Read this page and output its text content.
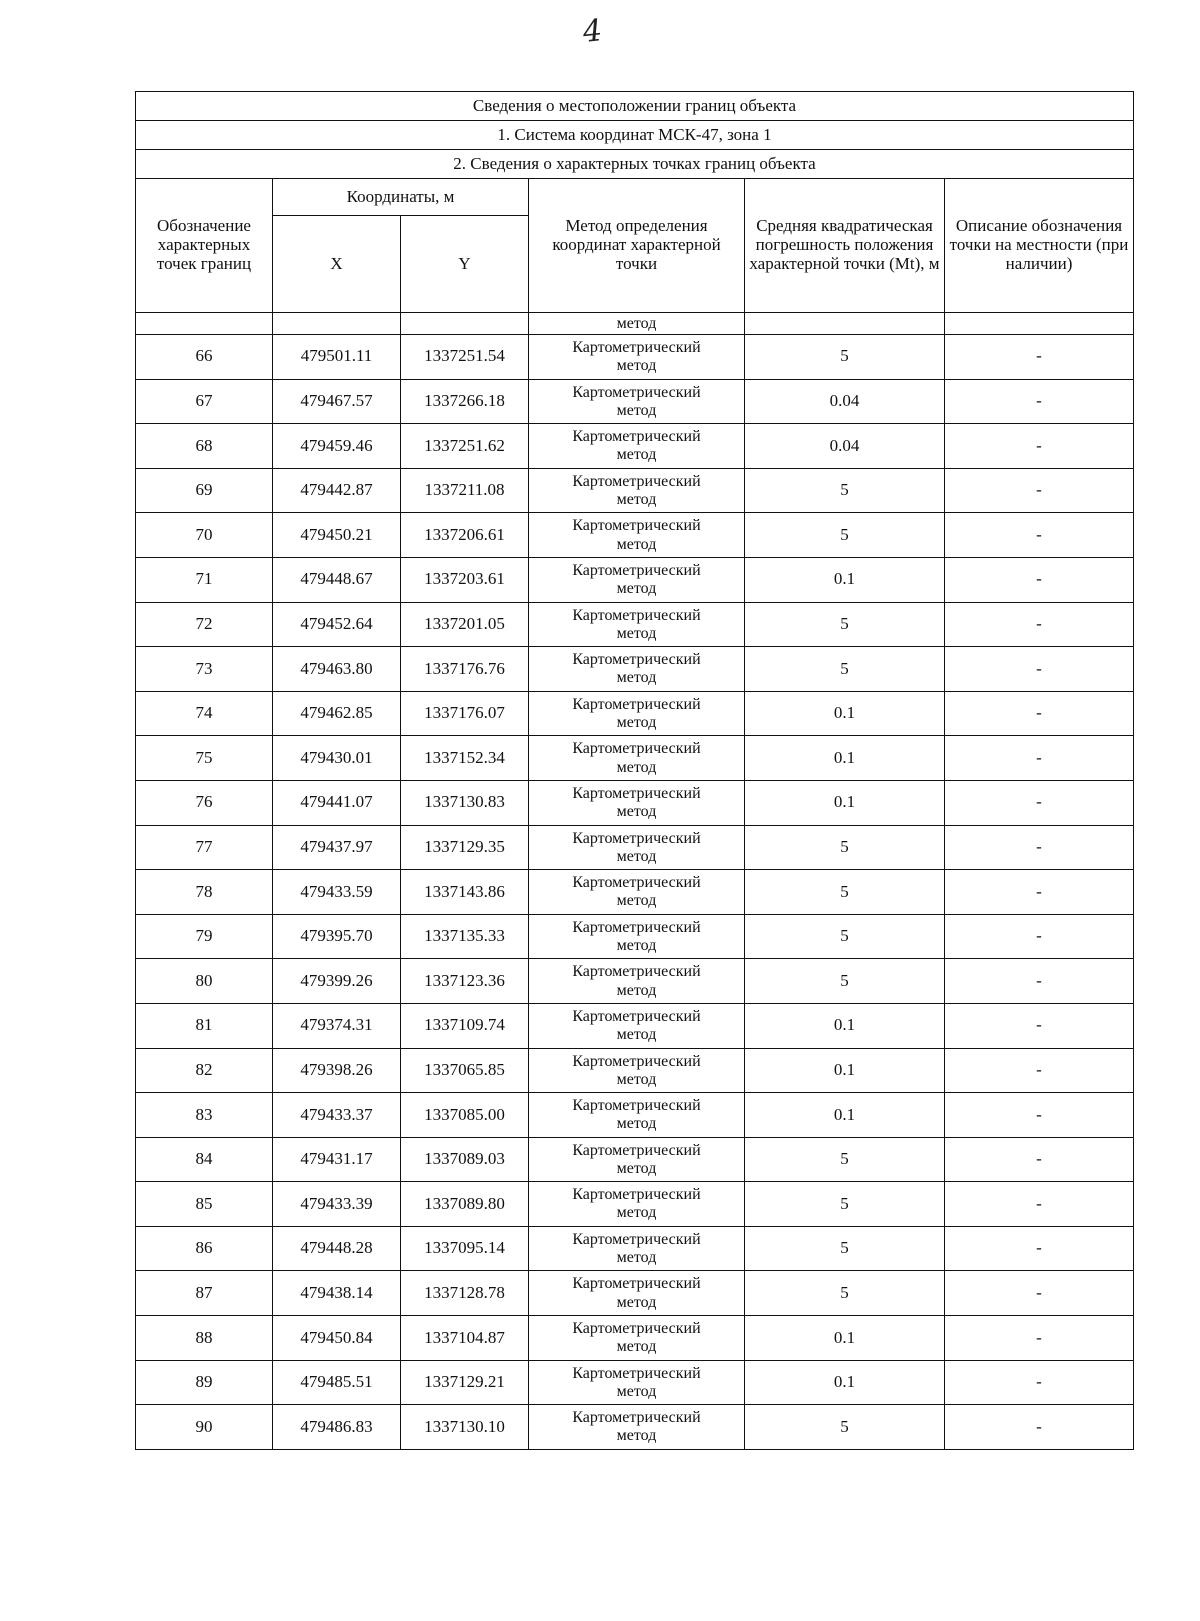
4
Сведения о местоположении границ объекта					
1. Система координат МСК-47, зона 1					
2. Сведения о характерных точках границ объекта					
Обозначение характерных точек границ	Координаты, м		Метод определения координат характерной точки	Средняя квадратическая погрешность положения характерной точки (Mt), м	Описание обозначения точки на местности (при наличии)
	X	Y			
			метод		
66	479501.11	1337251.54	Картометрический
метод	5	-
67	479467.57	1337266.18	Картометрический
метод	0.04	-
68	479459.46	1337251.62	Картометрический
метод	0.04	-
69	479442.87	1337211.08	Картометрический
метод	5	-
70	479450.21	1337206.61	Картометрический
метод	5	-
71	479448.67	1337203.61	Картометрический
метод	0.1	-
72	479452.64	1337201.05	Картометрический
метод	5	-
73	479463.80	1337176.76	Картометрический
метод	5	-
74	479462.85	1337176.07	Картометрический
метод	0.1	-
75	479430.01	1337152.34	Картометрический
метод	0.1	-
76	479441.07	1337130.83	Картометрический
метод	0.1	-
77	479437.97	1337129.35	Картометрический
метод	5	-
78	479433.59	1337143.86	Картометрический
метод	5	-
79	479395.70	1337135.33	Картометрический
метод	5	-
80	479399.26	1337123.36	Картометрический
метод	5	-
81	479374.31	1337109.74	Картометрический
метод	0.1	-
82	479398.26	1337065.85	Картометрический
метод	0.1	-
83	479433.37	1337085.00	Картометрический
метод	0.1	-
84	479431.17	1337089.03	Картометрический
метод	5	-
85	479433.39	1337089.80	Картометрический
метод	5	-
86	479448.28	1337095.14	Картометрический
метод	5	-
87	479438.14	1337128.78	Картометрический
метод	5	-
88	479450.84	1337104.87	Картометрический
метод	0.1	-
89	479485.51	1337129.21	Картометрический
метод	0.1	-
90	479486.83	1337130.10	Картометрический
метод	5	-
